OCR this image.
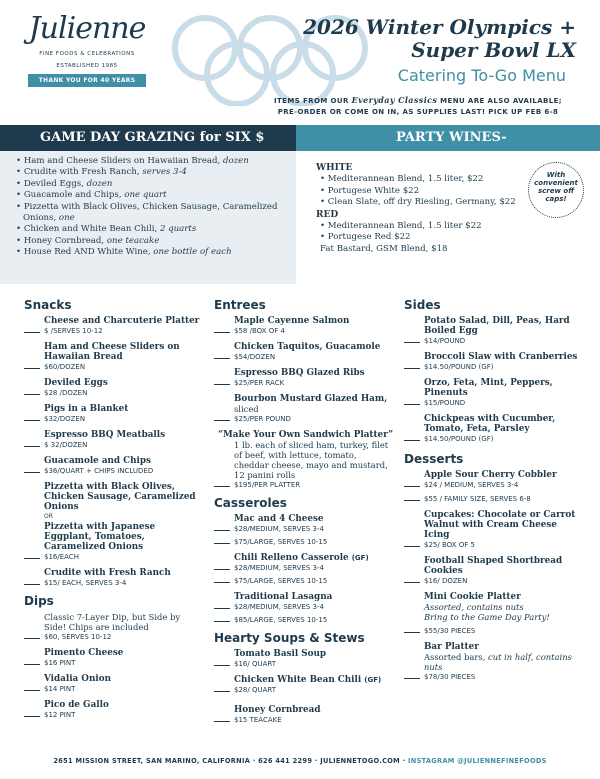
Julienne
FINE FOODS & CELEBRATIONS
ESTABLISHED 1985
THANK YOU FOR 40 YEARS
2026 Winter Olympics +
Super Bowl LX
Catering To-Go Menu
ITEMS FROM OUR Everyday Classics MENU ARE ALSO AVAILABLE;
PRE-ORDER OR COME ON IN, AS SUPPLIES LAST! PICK UP FEB 6-8
GAME DAY GRAZING for SIX $	PARTY WINES-
• Ham and Cheese Sliders on Hawaiian Bread, dozen
• Crudite with Fresh Ranch, serves 3-4
• Deviled Eggs, dozen
• Guacamole and Chips, one quart
• Pizzetta with Black Olives, Chicken Sausage, Caramelized Onions, one
• Chicken and White Bean Chili, 2 quarts
• Honey Cornbread, one teacake
• House Red AND White Wine, one bottle of each
WHITE
• Mediterannean Blend, 1.5 liter, $22
• Portugese White $22
• Clean Slate, off dry Riesling, Germany, $22
RED
• Mediterannean Blend, 1.5 liter $22
• Portugese Red $22
Fat Bastard, GSM Blend, $18
With
convenient
screw off
caps!
Snacks
Cheese and Charcuterie Platter
$ /SERVES 10-12
Ham and Cheese Sliders on Hawaiian Bread
$60/DOZEN
Deviled Eggs
$28 /DOZEN
Pigs in a Blanket
$32/DOZEN
Espresso BBQ Meatballs
$ 32/DOZEN
Guacamole and Chips
$36/QUART + CHIPS INCLUDED
Pizzetta with Black Olives, Chicken Sausage, Caramelized Onions
OR
Pizzetta with Japanese Eggplant, Tomatoes, Caramelized Onions
$16/EACH
Crudite with Fresh Ranch
$15/ EACH, SERVES 3-4
Dips
Classic 7-Layer Dip, but Side by Side! Chips are included
$60, SERVES 10-12
Pimento Cheese
$16 PINT
Vidalia Onion
$14 PINT
Pico de Gallo
$12 PINT
Entrees
Maple Cayenne Salmon
$58 /BOX OF 4
Chicken Taquitos, Guacamole
$54/DOZEN
Espresso BBQ Glazed Ribs
$25/PER RACK
Bourbon Mustard Glazed Ham,
sliced
$25/PER POUND
“Make Your Own Sandwich Platter”
1 lb. each of sliced ham, turkey, filet of beef, with lettuce, tomato, cheddar cheese, mayo and mustard, 12 panini rolls
$195/PER PLATTER
Casseroles
Mac and 4 Cheese
$28/MEDIUM, SERVES 3-4
$75/LARGE, SERVES 10-15
Chili Relleno Casserole (GF)
$28/MEDIUM, SERVES 3-4
$75/LARGE, SERVES 10-15
Traditional Lasagna
$28/MEDIUM, SERVES 3-4
$85/LARGE, SERVES 10-15
Hearty Soups & Stews
Tomato Basil Soup
$16/ QUART
Chicken White Bean Chili (GF)
$28/ QUART
Honey Cornbread
$15 TEACAKE
Sides
Potato Salad, Dill, Peas, Hard Boiled Egg
$14/POUND
Broccoli Slaw with Cranberries
$14.50/POUND (GF)
Orzo, Feta, Mint, Peppers, Pinenuts
$15/POUND
Chickpeas with Cucumber, Tomato, Feta, Parsley
$14.50/POUND (GF)
Desserts
Apple Sour Cherry Cobbler
$24 / MEDIUM, SERVES 3-4
$55 / FAMILY SIZE, SERVES 6-8
Cupcakes: Chocolate or Carrot Walnut with Cream Cheese Icing
$25/ BOX OF 5
Football Shaped Shortbread Cookies
$16/ DOZEN
Mini Cookie Platter
Assorted, contains nuts
Bring to the Game Day Party!
$55/30 PIECES
Bar Platter
Assorted bars, cut in half, contains nuts
$78/30 PIECES
2651 MISSION STREET, SAN MARINO, CALIFORNIA · 626 441 2299 · JULIENNETOGO.COM · INSTAGRAM @JULIENNEFINEFOODS
